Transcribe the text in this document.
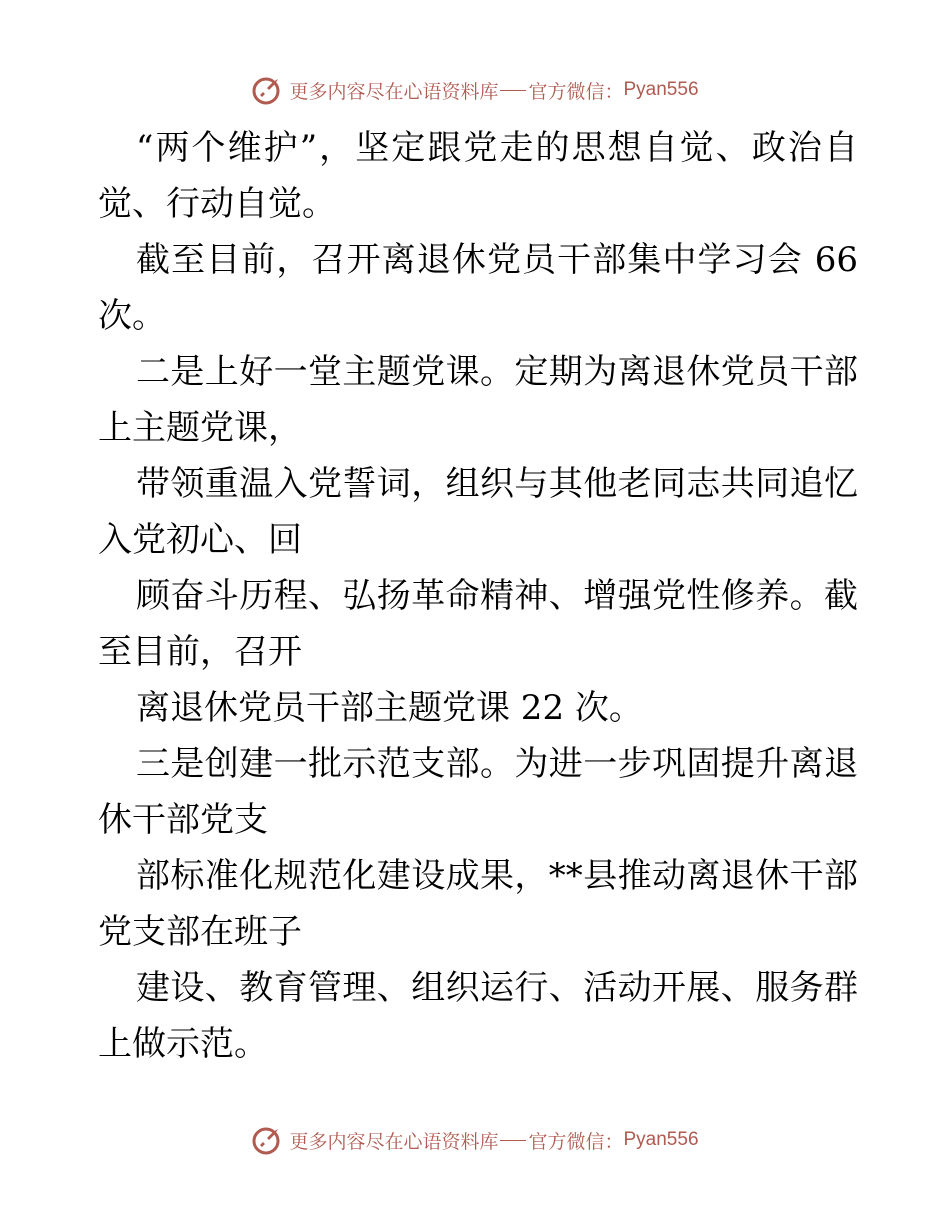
更多内容尽在心语资料库 官方微信： Pyan556
“两个维护”，坚定跟党走的思想自觉、政治自
觉、行动自觉。
截至目前，召开离退休党员干部集中学习会 66
次。
二是上好一堂主题党课。定期为离退休党员干部
上主题党课，
带领重温入党誓词，组织与其他老同志共同追忆
入党初心、回
顾奋斗历程、弘扬革命精神、增强党性修养。截
至目前，召开
离退休党员干部主题党课 22 次。
三是创建一批示范支部。为进一步巩固提升离退
休干部党支
部标准化规范化建设成果，**县推动离退休干部
党支部在班子
建设、教育管理、组织运行、活动开展、服务群
上做示范。
更多内容尽在心语资料库 官方微信： Pyan556
